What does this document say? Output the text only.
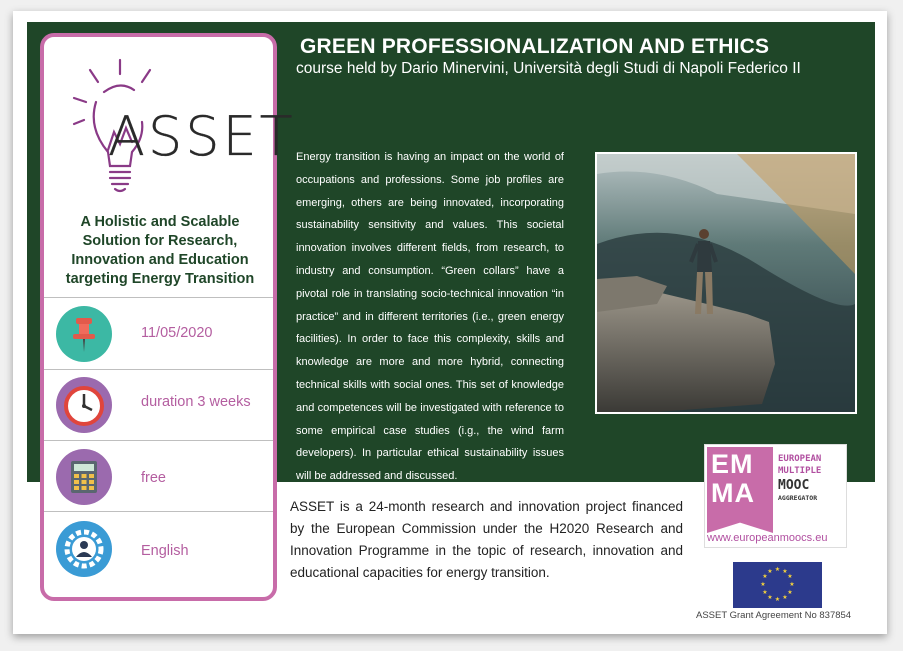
GREEN PROFESSIONALIZATION AND ETHICS
course held by Dario Minervini, Università degli Studi di Napoli Federico II
Energy transition is having an impact on the world of occupations and professions. Some job profiles are emerging, others are being innovated, incorporating sustainability sensitivity and values. This societal innovation involves different fields, from research, to industry and consumption. “Green collars” have a pivotal role in translating socio-technical innovation “in practice” and in different territories (i.e., green energy facilities). In order to face this complexity, skills and knowledge are more and more hybrid, connecting technical skills with social ones. This set of knowledge and competences will be investigated with reference to some empirical case studies (i.g., the wind farm developers). In particular ethical sustainability issues will be addressed and discussed.
ASSET
A Holistic and Scalable Solution for Research, Innovation and Education targeting Energy Transition
11/05/2020
duration 3 weeks
free
English
ASSET is a 24-month research and innovation project financed by the European Commission under the H2020 Research and Innovation Programme in the topic of research, innovation and educational capacities for energy transition.
EM
MA
EUROPEAN
MULTIPLE
MOOC
AGGREGATOR
www.europeanmoocs.eu
★ ★
★
★
★
★
★
★
★
★
★
★
ASSET Grant Agreement No 837854
